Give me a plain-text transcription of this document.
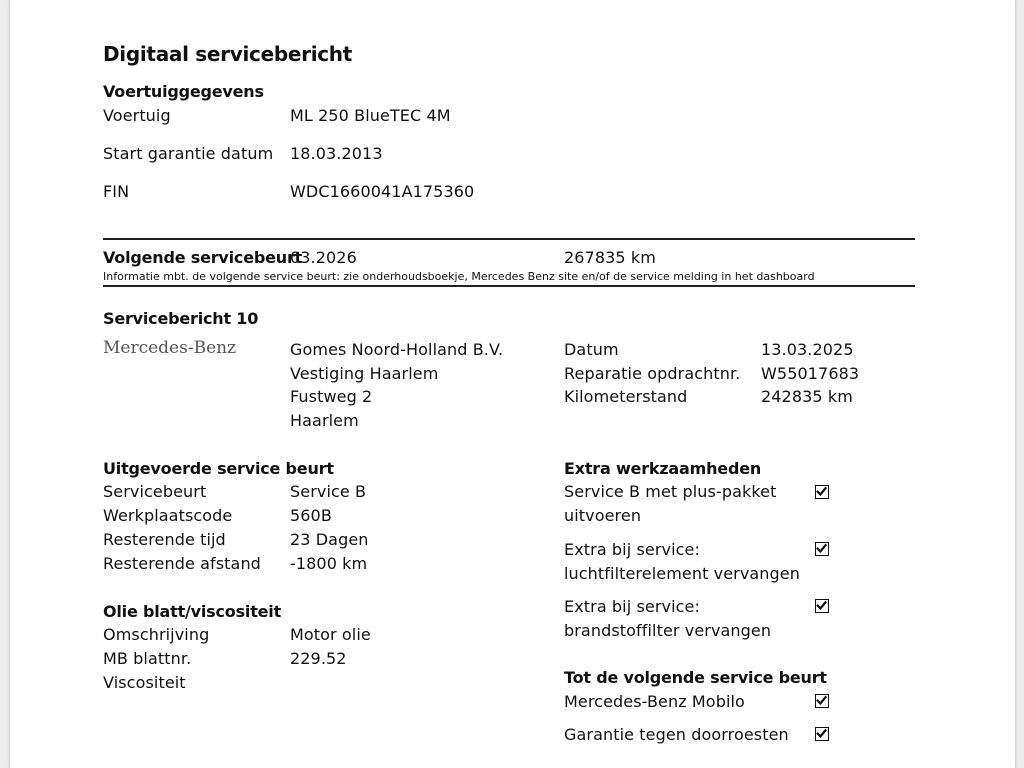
Digitaal servicebericht
Voertuiggegevens
Voertuig	ML 250 BlueTEC 4M
Start garantie datum 18.03.2013
FIN	WDC1660041A175360
Volgende servicebeurt
03.2026	267835 km
Informatie mbt. de volgende service beurt: zie onderhoudsboekje, Mercedes Benz site en/of de service melding in het dashboard
Servicebericht 10
Mercedes-Benz	Gomes Noord-Holland B.V.
Vestiging Haarlem
Fustweg 2
Haarlem
Datum	13.03.2025
Reparatie opdrachtnr. W55017683
Kilometerstand	242835 km
Uitgevoerde service beurt
Servicebeurt	Service B
Werkplaatscode	560B
Resterende tijd	23 Dagen
Resterende afstand -1800 km
Olie blatt/viscositeit
Omschrijving	Motor olie
MB blattnr.	229.52
Viscositeit
Extra werkzaamheden
Service B met plus-pakket
uitvoeren
Extra bij service:
luchtfilterelement vervangen
Extra bij service:
brandstoffilter vervangen
Tot de volgende service beurt
Mercedes-Benz Mobilo
Garantie tegen doorroesten
